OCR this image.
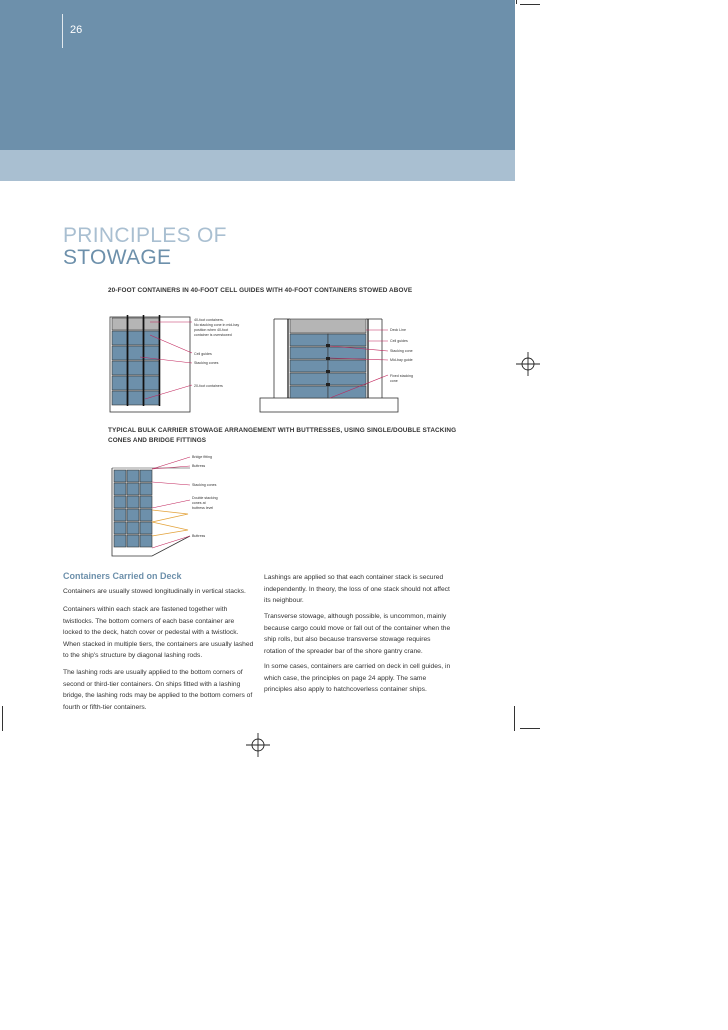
26
PRINCIPLES OF
STOWAGE
20-FOOT CONTAINERS IN 40-FOOT CELL GUIDES WITH 40-FOOT CONTAINERS STOWED ABOVE
40-foot containers.
No stacking cone in mid-bay
position when 40-foot
container is overstowed
Cell guides
Stacking cones
20-foot containers
Deck Line
Cell guides
Stacking cone
Mid-bay guide
Fixed stacking
cone
TYPICAL BULK CARRIER STOWAGE ARRANGEMENT WITH BUTTRESSES, USING SINGLE/DOUBLE STACKING
CONES AND BRIDGE FITTINGS
Bridge fitting
Buttress
Stacking cones
Double stacking
cones at
buttress level
Buttress
Containers Carried on Deck

Containers are usually stowed longitudinally in vertical stacks.

Containers within each stack are fastened together with twistlocks. The bottom corners of each base container are locked to the deck, hatch cover or pedestal with a twistlock. When stacked in multiple tiers, the containers are usually lashed to the ship's structure by diagonal lashing rods.

The lashing rods are usually applied to the bottom corners of second or third-tier containers. On ships fitted with a lashing bridge, the lashing rods may be applied to the bottom corners of fourth or fifth-tier containers.

Lashings are applied so that each container stack is secured independently. In theory, the loss of one stack should not affect its neighbour.

Transverse stowage, although possible, is uncommon, mainly because cargo could move or fall out of the container when the ship rolls, but also because transverse stowage requires rotation of the spreader bar of the shore gantry crane.

In some cases, containers are carried on deck in cell guides, in which case, the principles on page 24 apply. The same principles also apply to hatchcoverless container ships.
